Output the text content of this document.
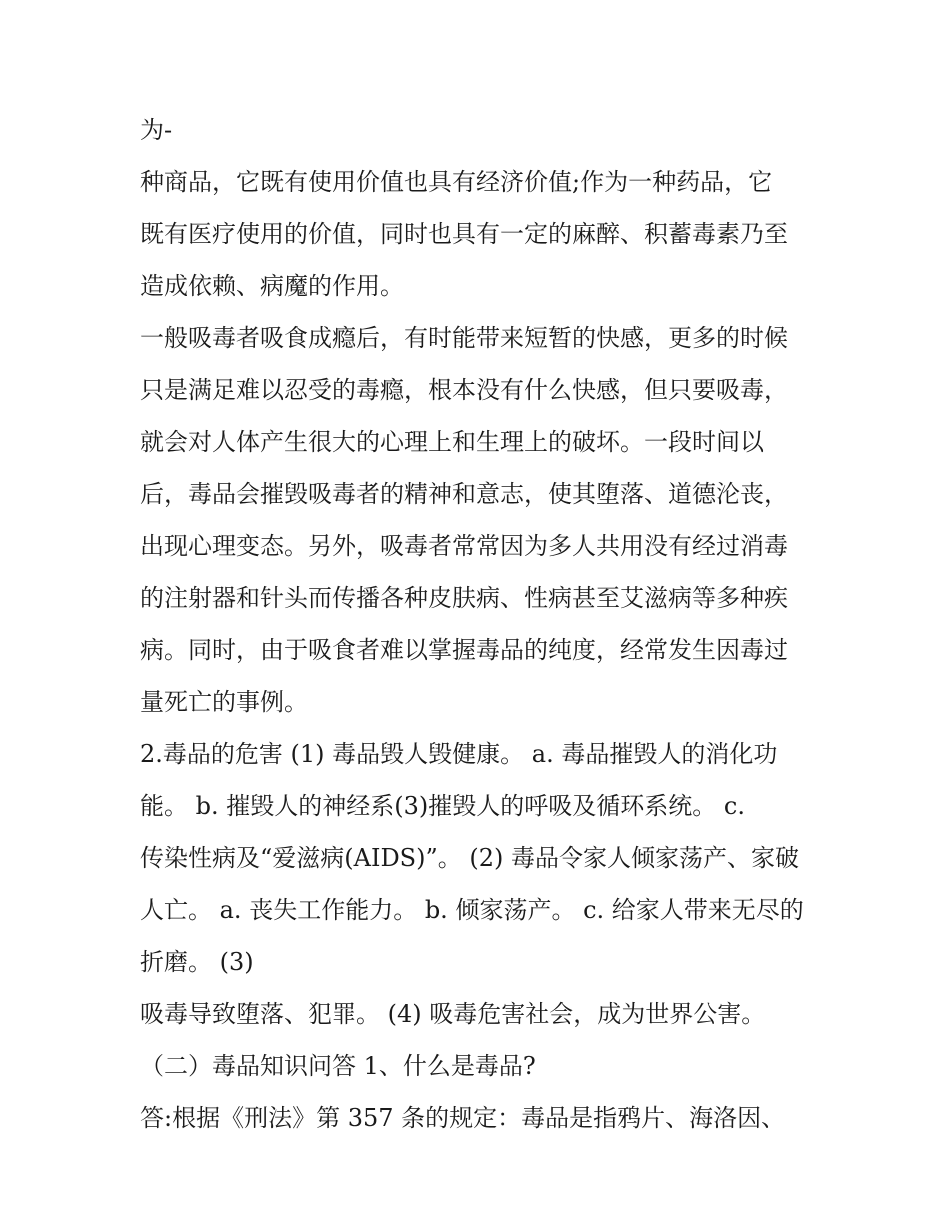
为-
种商品，它既有使用价值也具有经济价值;作为一种药品，它
既有医疗使用的价值，同时也具有一定的麻醉、积蓄毒素乃至
造成依赖、病魔的作用。
一般吸毒者吸食成瘾后，有时能带来短暂的快感，更多的时候
只是满足难以忍受的毒瘾，根本没有什么快感，但只要吸毒，
就会对人体产生很大的心理上和生理上的破坏。一段时间以
后，毒品会摧毁吸毒者的精神和意志，使其堕落、道德沦丧，
出现心理变态。另外，吸毒者常常因为多人共用没有经过消毒
的注射器和针头而传播各种皮肤病、性病甚至艾滋病等多种疾
病。同时，由于吸食者难以掌握毒品的纯度，经常发生因毒过
量死亡的事例。
2.毒品的危害 (1) 毒品毁人毁健康。 a. 毒品摧毁人的消化功
能。 b. 摧毁人的神经系(3)摧毁人的呼吸及循环系统。 c.
传染性病及“爱滋病(AIDS)”。 (2) 毒品令家人倾家荡产、家破
人亡。 a. 丧失工作能力。 b. 倾家荡产。 c. 给家人带来无尽的
折磨。 (3)
吸毒导致堕落、犯罪。 (4) 吸毒危害社会，成为世界公害。
（二）毒品知识问答 1、什么是毒品?
答:根据《刑法》第 357 条的规定：毒品是指鸦片、海洛因、
